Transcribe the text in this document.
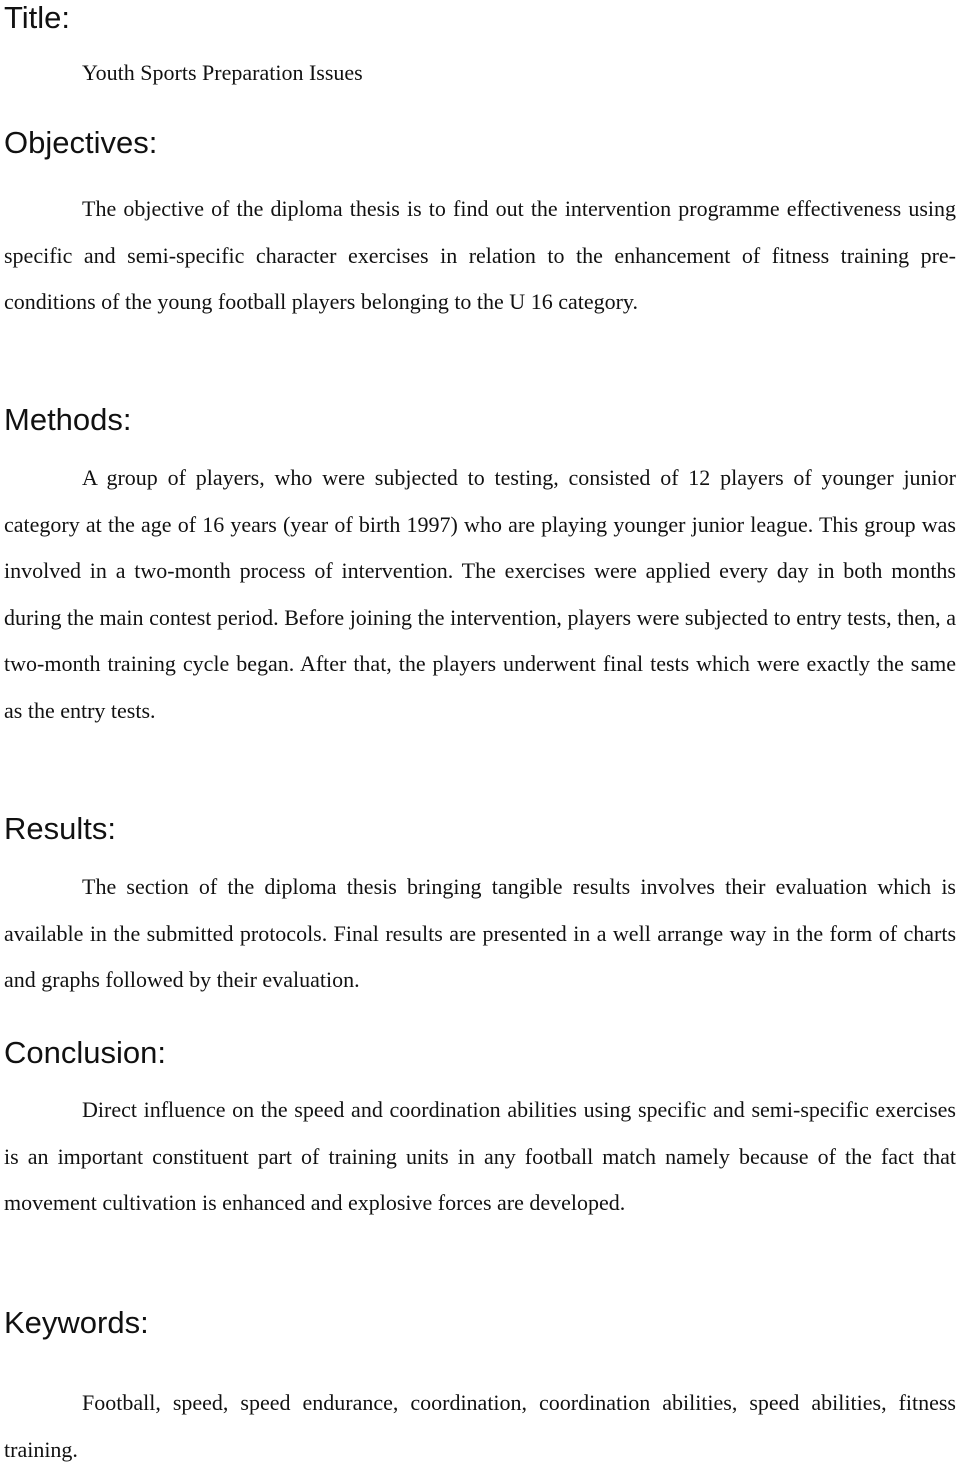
Title:

Youth Sports Preparation Issues

Objectives:

The objective of the diploma thesis is to find out the intervention programme effectiveness using specific and semi-specific character exercises in relation to the enhancement of fitness training pre-conditions of the young football players belonging to the U 16 category.

Methods:

A group of players, who were subjected to testing, consisted of 12 players of younger junior category at the age of 16 years (year of birth 1997) who are playing younger junior league. This group was involved in a two-month process of intervention. The exercises were applied every day in both months during the main contest period. Before joining the intervention, players were subjected to entry tests, then, a two-month training cycle began. After that, the players underwent final tests which were exactly the same as the entry tests.

Results:

The section of the diploma thesis bringing tangible results involves their evaluation which is available in the submitted protocols. Final results are presented in a well arrange way in the form of charts and graphs followed by their evaluation.

Conclusion:

Direct influence on the speed and coordination abilities using specific and semi-specific exercises is an important constituent part of training units in any football match namely because of the fact that movement cultivation is enhanced and explosive forces are developed.

Keywords:

Football, speed, speed endurance, coordination, coordination abilities, speed abilities, fitness training.
